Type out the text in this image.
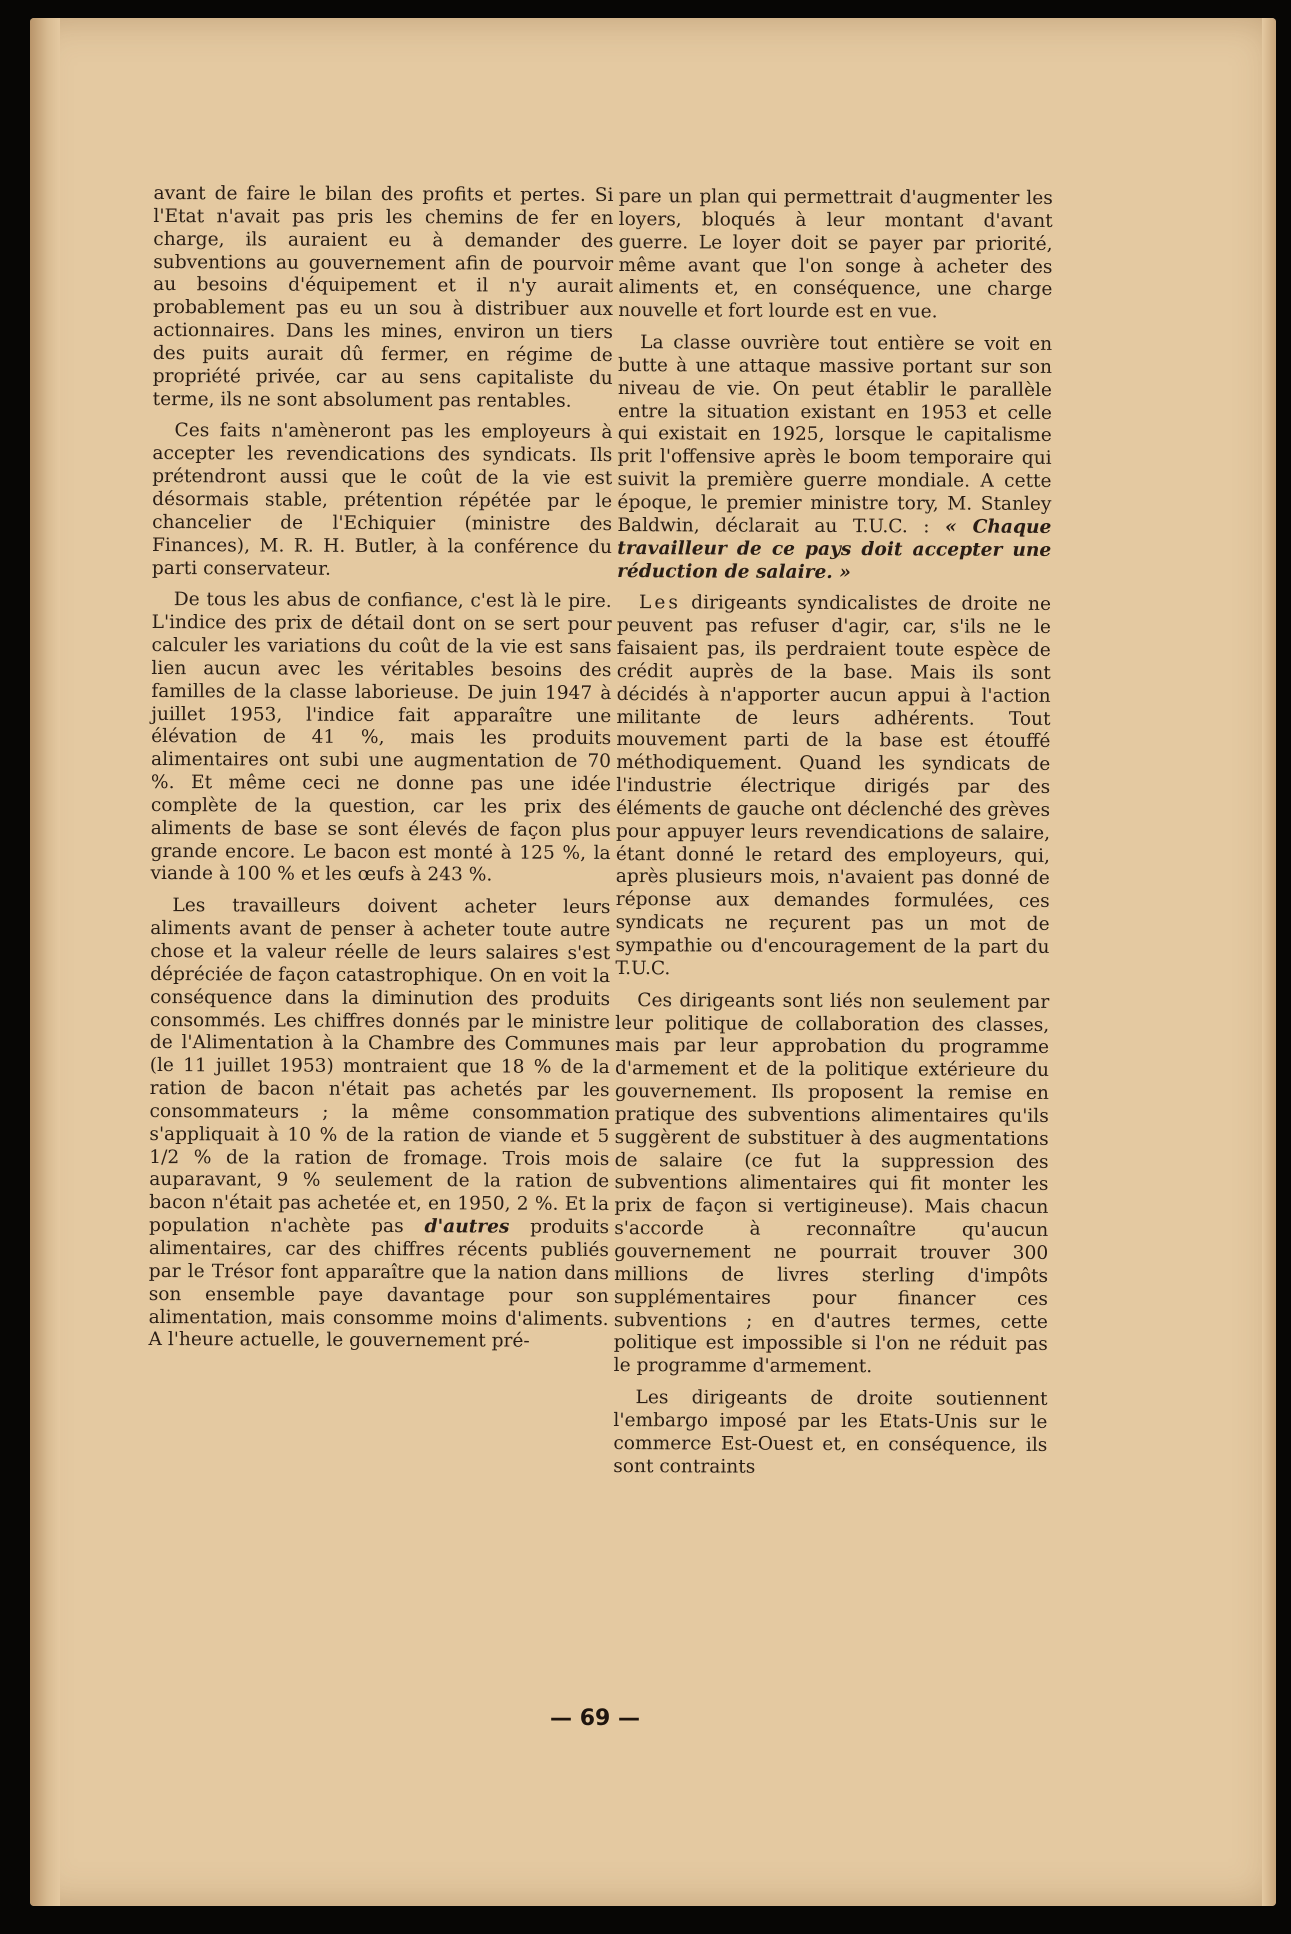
avant de faire le bilan des profits et pertes. Si l'Etat n'avait pas pris les chemins de fer en charge, ils auraient eu à demander des subventions au gouvernement afin de pourvoir au besoins d'équipement et il n'y aurait probablement pas eu un sou à distribuer aux actionnaires. Dans les mines, environ un tiers des puits aurait dû fermer, en régime de propriété privée, car au sens capitaliste du terme, ils ne sont absolument pas rentables.

Ces faits n'amèneront pas les employeurs à accepter les revendications des syndicats. Ils prétendront aussi que le coût de la vie est désormais stable, prétention répétée par le chancelier de l'Echiquier (ministre des Finances), M. R. H. Butler, à la conférence du parti conservateur.

De tous les abus de confiance, c'est là le pire. L'indice des prix de détail dont on se sert pour calculer les variations du coût de la vie est sans lien aucun avec les véritables besoins des familles de la classe laborieuse. De juin 1947 à juillet 1953, l'indice fait apparaître une élévation de 41 %, mais les produits alimentaires ont subi une augmentation de 70 %. Et même ceci ne donne pas une idée complète de la question, car les prix des aliments de base se sont élevés de façon plus grande encore. Le bacon est monté à 125 %, la viande à 100 % et les œufs à 243 %.

Les travailleurs doivent acheter leurs aliments avant de penser à acheter toute autre chose et la valeur réelle de leurs salaires s'est dépréciée de façon catastrophique. On en voit la conséquence dans la diminution des produits consommés. Les chiffres donnés par le ministre de l'Alimentation à la Chambre des Communes (le 11 juillet 1953) montraient que 18 % de la ration de bacon n'était pas achetés par les consommateurs ; la même consommation s'appliquait à 10 % de la ration de viande et 5 1/2 % de la ration de fromage. Trois mois auparavant, 9 % seulement de la ration de bacon n'était pas achetée et, en 1950, 2 %. Et la population n'achète pas d'autres produits alimentaires, car des chiffres récents publiés par le Trésor font apparaître que la nation dans son ensemble paye davantage pour son alimentation, mais consomme moins d'aliments. A l'heure actuelle, le gouvernement pré-

pare un plan qui permettrait d'augmenter les loyers, bloqués à leur montant d'avant guerre. Le loyer doit se payer par priorité, même avant que l'on songe à acheter des aliments et, en conséquence, une charge nouvelle et fort lourde est en vue.

La classe ouvrière tout entière se voit en butte à une attaque massive portant sur son niveau de vie. On peut établir le parallèle entre la situation existant en 1953 et celle qui existait en 1925, lorsque le capitalisme prit l'offensive après le boom temporaire qui suivit la première guerre mondiale. A cette époque, le premier ministre tory, M. Stanley Baldwin, déclarait au T.U.C. : « Chaque travailleur de ce pays doit accepter une réduction de salaire. »

Les dirigeants syndicalistes de droite ne peuvent pas refuser d'agir, car, s'ils ne le faisaient pas, ils perdraient toute espèce de crédit auprès de la base. Mais ils sont décidés à n'apporter aucun appui à l'action militante de leurs adhérents. Tout mouvement parti de la base est étouffé méthodiquement. Quand les syndicats de l'industrie électrique dirigés par des éléments de gauche ont déclenché des grèves pour appuyer leurs revendications de salaire, étant donné le retard des employeurs, qui, après plusieurs mois, n'avaient pas donné de réponse aux demandes formulées, ces syndicats ne reçurent pas un mot de sympathie ou d'encouragement de la part du T.U.C.

Ces dirigeants sont liés non seulement par leur politique de collaboration des classes, mais par leur approbation du programme d'armement et de la politique extérieure du gouvernement. Ils proposent la remise en pratique des subventions alimentaires qu'ils suggèrent de substituer à des augmentations de salaire (ce fut la suppression des subventions alimentaires qui fit monter les prix de façon si vertigineuse). Mais chacun s'accorde à reconnaître qu'aucun gouvernement ne pourrait trouver 300 millions de livres sterling d'impôts supplémentaires pour financer ces subventions ; en d'autres termes, cette politique est impossible si l'on ne réduit pas le programme d'armement.

Les dirigeants de droite soutiennent l'embargo imposé par les Etats-Unis sur le commerce Est-Ouest et, en conséquence, ils sont contraints

— 69 —
